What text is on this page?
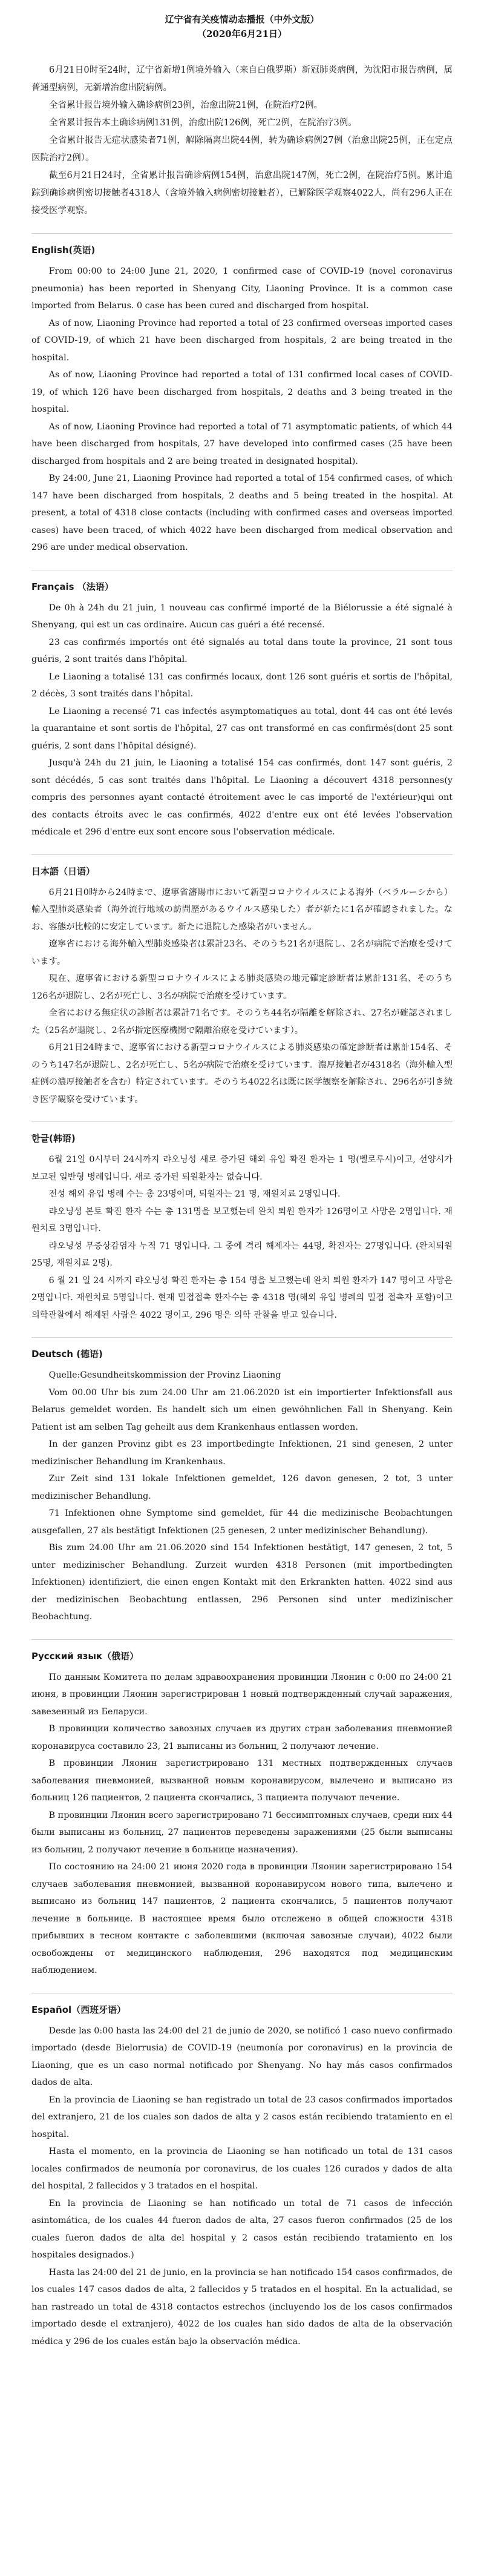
辽宁省有关疫情动态播报（中外文版）
（2020年6月21日）

6月21日0时至24时，辽宁省新增1例境外输入（来自白俄罗斯）新冠肺炎病例，为沈阳市报告病例，属普通型病例，无新增治愈出院病例。

全省累计报告境外输入确诊病例23例，治愈出院21例，在院治疗2例。

全省累计报告本土确诊病例131例，治愈出院126例，死亡2例，在院治疗3例。

全省累计报告无症状感染者71例，解除隔离出院44例，转为确诊病例27例（治愈出院25例，正在定点医院治疗2例）。

截至6月21日24时，全省累计报告确诊病例154例，治愈出院147例，死亡2例，在院治疗5例。累计追踪到确诊病例密切接触者4318人（含境外输入病例密切接触者），已解除医学观察4022人，尚有296人正在接受医学观察。

English(英语)

From 00:00 to 24:00 June 21, 2020, 1 confirmed case of COVID-19 (novel coronavirus pneumonia) has been reported in Shenyang City, Liaoning Province. It is a common case imported from Belarus. 0 case has been cured and discharged from hospital.

As of now, Liaoning Province had reported a total of 23 confirmed overseas imported cases of COVID-19, of which 21 have been discharged from hospitals, 2 are being treated in the hospital.

As of now, Liaoning Province had reported a total of 131 confirmed local cases of COVID-19, of which 126 have been discharged from hospitals, 2 deaths and 3 being treated in the hospital.

As of now, Liaoning Province had reported a total of 71 asymptomatic patients, of which 44 have been discharged from hospitals, 27 have developed into confirmed cases (25 have been discharged from hospitals and 2 are being treated in designated hospital).

By 24:00, June 21, Liaoning Province had reported a total of 154 confirmed cases, of which 147 have been discharged from hospitals, 2 deaths and 5 being treated in the hospital. At present, a total of 4318 close contacts (including with confirmed cases and overseas imported cases) have been traced, of which 4022 have been discharged from medical observation and 296 are under medical observation.

Français （法语）

De 0h à 24h du 21 juin, 1 nouveau cas confirmé importé de la Biélorussie a été signalé à Shenyang, qui est un cas ordinaire. Aucun cas guéri a été recensé.

23 cas confirmés importés ont été signalés au total dans toute la province, 21 sont tous guéris, 2 sont traités dans l'hôpital.

Le Liaoning a totalisé 131 cas confirmés locaux, dont 126 sont guéris et sortis de l'hôpital, 2 décès, 3 sont traités dans l'hôpital.

Le Liaoning a recensé 71 cas infectés asymptomatiques au total, dont 44 cas ont été levés la quarantaine et sont sortis de l'hôpital, 27 cas ont transformé en cas confirmés(dont 25 sont guéris, 2 sont dans l'hôpital désigné).

Jusqu'à 24h du 21 juin, le Liaoning a totalisé 154 cas confirmés, dont 147 sont guéris, 2 sont décédés, 5 cas sont traités dans l'hôpital. Le Liaoning a découvert 4318 personnes(y compris des personnes ayant contacté étroitement avec le cas importé de l'extérieur)qui ont des contacts étroits avec le cas confirmés, 4022 d'entre eux ont été levées l'observation médicale et 296 d'entre eux sont encore sous l'observation médicale.

日本語（日语）

6月21日0時から24時まで、遼寧省瀋陽市において新型コロナウイルスによる海外（ベラルーシから）輸入型肺炎感染者（海外流行地域の訪問歴があるウイルス感染した）者が新たに1名が確認されました。なお、容態が比較的に安定しています。新たに退院した感染者がいません。

遼寧省における海外輸入型肺炎感染者は累計23名、そのうち21名が退院し、2名が病院で治療を受けています。

現在、遼寧省における新型コロナウイルスによる肺炎感染の地元確定診断者は累計131名、そのうち126名が退院し、2名が死亡し、3名が病院で治療を受けています。

全省における無症状の診断者は累計71名です。そのうち44名が隔離を解除され、27名が確認されました（25名が退院し、2名が指定医療機関で隔離治療を受けています）。

6月21日24時まで、遼寧省における新型コロナウイルスによる肺炎感染の確定診断者は累計154名、そのうち147名が退院し、2名が死亡し、5名が病院で治療を受けています。濃厚接触者が4318名（海外輸入型症例の濃厚接触者を含む）特定されています。そのうち4022名は既に医学観察を解除され、296名が引き続き医学観察を受けています。

한글(韩语)

6월 21일 0시부터 24시까지 랴오닝성 새로 증가된 해외 유입 확진 환자는 1 명(벨로루시)이고, 선양시가 보고된 일반형 병례입니다. 새로 증가된 퇴원환자는 없습니다.

전성 해외 유입 병례 수는 총 23명이며, 퇴원자는 21 명, 재원치료 2명입니다.

랴오닝성 본토 확진 환자 수는 총 131명을 보고했는데 완치 퇴원 환자가 126명이고 사망은 2명입니다. 재원치료 3명입니다.

랴오닝성 무증상감염자 누적 71 명입니다. 그 중에 격리 해제자는 44명, 확진자는 27명입니다. (완치퇴원 25명, 재원치료 2명).

6 월 21 일 24 시까지 랴오닝성 확진 환자는 총 154 명을 보고했는데 완치 퇴원 환자가 147 명이고 사망은 2명입니다. 재원치료 5명입니다. 현재 밀접접촉 환자수는 총 4318 명(해외 유입 병례의 밀접 접촉자 포함)이고 의학관찰에서 해제된 사람은 4022 명이고, 296 명은 의학 관찰을 받고 있습니다.

Deutsch (德语)

Quelle:Gesundheitskommission der Provinz Liaoning

Vom 00.00 Uhr bis zum 24.00 Uhr am 21.06.2020 ist ein importierter Infektionsfall aus Belarus gemeldet worden. Es handelt sich um einen gewöhnlichen Fall in Shenyang. Kein Patient ist am selben Tag geheilt aus dem Krankenhaus entlassen worden.

In der ganzen Provinz gibt es 23 importbedingte Infektionen, 21 sind genesen, 2 unter medizinischer Behandlung im Krankenhaus.

Zur Zeit sind 131 lokale Infektionen gemeldet, 126 davon genesen, 2 tot, 3 unter medizinischer Behandlung.

71 Infektionen ohne Symptome sind gemeldet, für 44 die medizinische Beobachtungen ausgefallen, 27 als bestätigt Infektionen (25 genesen, 2 unter medizinischer Behandlung).

Bis zum 24.00 Uhr am 21.06.2020 sind 154 Infektionen bestätigt, 147 genesen, 2 tot, 5 unter medizinischer Behandlung. Zurzeit wurden 4318 Personen (mit importbedingten Infektionen) identifiziert, die einen engen Kontakt mit den Erkrankten hatten. 4022 sind aus der medizinischen Beobachtung entlassen, 296 Personen sind unter medizinischer Beobachtung.

Русский язык（俄语）

По данным Комитета по делам здравоохранения провинции Ляонин с 0:00 по 24:00 21 июня, в провинции Ляонин зарегистрирован 1 новый подтвержденный случай заражения, завезенный из Беларуси.

В провинции количество завозных случаев из других стран заболевания пневмонией коронавируса составило 23, 21 выписаны из больниц, 2 получают лечение.

В провинции Ляонин зарегистрировано 131 местных подтвержденных случаев заболевания пневмонией, вызванной новым коронавирусом, вылечено и выписано из больниц 126 пациентов, 2 пациента скончались, 3 пациента получают лечение.

В провинции Ляонин всего зарегистрировано 71 бессимптомных случаев, среди них 44 были выписаны из больниц, 27 пациентов переведены заражениями (25 были выписаны из больниц, 2 получают лечение в больнице назначения).

По состоянию на 24:00 21 июня 2020 года в провинции Ляонин зарегистрировано 154 случаев заболевания пневмонией, вызванной коронавирусом нового типа, вылечено и выписано из больниц 147 пациентов, 2 пациента скончались, 5 пациентов получают лечение в больнице. В настоящее время было отслежено в общей сложности 4318 прибывших в тесном контакте с заболевшими (включая завозные случаи), 4022 были освобождены от медицинского наблюдения, 296 находятся под медицинским наблюдением.

Español（西班牙语）

Desde las 0:00 hasta las 24:00 del 21 de junio de 2020, se notificó 1 caso nuevo confirmado importado (desde Bielorrusia) de COVID-19 (neumonía por coronavirus) en la provincia de Liaoning, que es un caso normal notificado por Shenyang. No hay más casos confirmados dados de alta.

En la provincia de Liaoning se han registrado un total de 23 casos confirmados importados del extranjero, 21 de los cuales son dados de alta y 2 casos están recibiendo tratamiento en el hospital.

Hasta el momento, en la provincia de Liaoning se han notificado un total de 131 casos locales confirmados de neumonía por coronavirus, de los cuales 126 curados y dados de alta del hospital, 2 fallecidos y 3 tratados en el hospital.

En la provincia de Liaoning se han notificado un total de 71 casos de infección asintomática, de los cuales 44 fueron dados de alta, 27 casos fueron confirmados (25 de los cuales fueron dados de alta del hospital y 2 casos están recibiendo tratamiento en los hospitales designados.)

Hasta las 24:00 del 21 de junio, en la provincia se han notificado 154 casos confirmados, de los cuales 147 casos dados de alta, 2 fallecidos y 5 tratados en el hospital. En la actualidad, se han rastreado un total de 4318 contactos estrechos (incluyendo los de los casos confirmados importado desde el extranjero), 4022 de los cuales han sido dados de alta de la observación médica y 296 de los cuales están bajo la observación médica.
